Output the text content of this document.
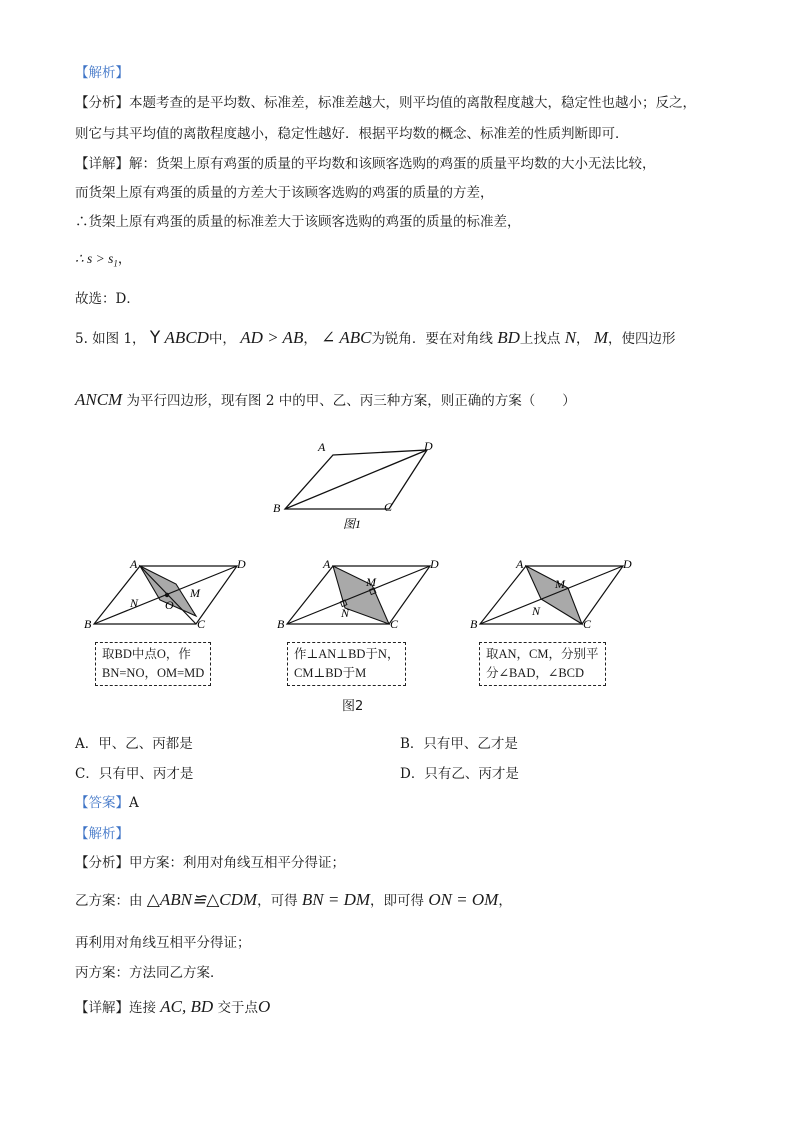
【解析】
【分析】本题考查的是平均数、标准差，标准差越大，则平均值的离散程度越大，稳定性也越小；反之，
则它与其平均值的离散程度越小，稳定性越好．根据平均数的概念、标准差的性质判断即可．
【详解】解：货架上原有鸡蛋的质量的平均数和该顾客选购的鸡蛋的质量平均数的大小无法比较，
而货架上原有鸡蛋的质量的方差大于该顾客选购的鸡蛋的质量的方差，
∴货架上原有鸡蛋的质量的标准差大于该顾客选购的鸡蛋的质量的标准差，
∴ $s > s_1$，
故选：D．
5. 如图 1， Y ABCD中， AD > AB， ∠ ABC为锐角．要在对角线 BD上找点 N， M，使四边形
ANCM 为平行四边形，现有图 2 中的甲、乙、丙三种方案，则正确的方案（　　）
A	D
B	C
图1
A	D
B	C
N
M
O
取BD中点O，作
BN=NO，OM=MD
A	D
B	C
N
M
作⊥AN⊥BD于N，
CM⊥BD于M
A	D
B	C
N
M
取AN，CM，分别平
分∠BAD，∠BCD
图2
A．甲、乙、丙都是	B．只有甲、乙才是
C．只有甲、丙才是	D．只有乙、丙才是
【答案】A
【解析】
【分析】甲方案：利用对角线互相平分得证；
乙方案：由 △ABN≌△CDM，可得 BN = DM，即可得 ON = OM，
再利用对角线互相平分得证；
丙方案：方法同乙方案．
【详解】连接 AC, BD 交于点O
